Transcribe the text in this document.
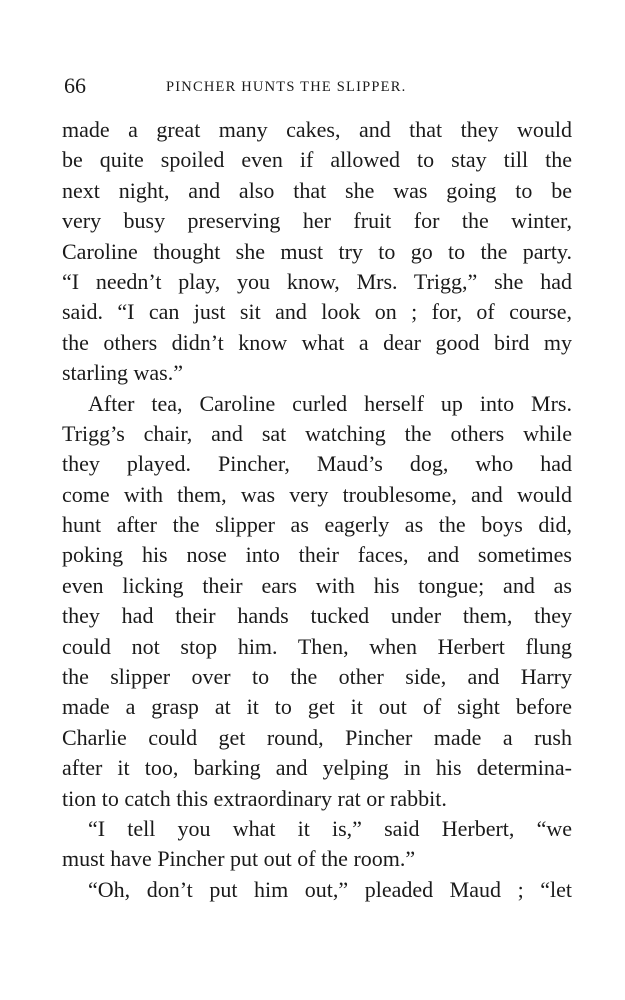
66	PINCHER HUNTS THE SLIPPER.
made a great many cakes, and that they would
be quite spoiled even if allowed to stay till the
next night, and also that she was going to be
very busy preserving her fruit for the winter,
Caroline thought she must try to go to the party.
“I needn’t play, you know, Mrs. Trigg,” she had
said. “I can just sit and look on ; for, of course,
the others didn’t know what a dear good bird my
starling was.”
After tea, Caroline curled herself up into Mrs.
Trigg’s chair, and sat watching the others while
they played. Pincher, Maud’s dog, who had
come with them, was very troublesome, and would
hunt after the slipper as eagerly as the boys did,
poking his nose into their faces, and sometimes
even licking their ears with his tongue; and as
they had their hands tucked under them, they
could not stop him. Then, when Herbert flung
the slipper over to the other side, and Harry
made a grasp at it to get it out of sight before
Charlie could get round, Pincher made a rush
after it too, barking and yelping in his determina-
tion to catch this extraordinary rat or rabbit.
“I tell you what it is,” said Herbert, “we
must have Pincher put out of the room.”
“Oh, don’t put him out,” pleaded Maud ; “let
